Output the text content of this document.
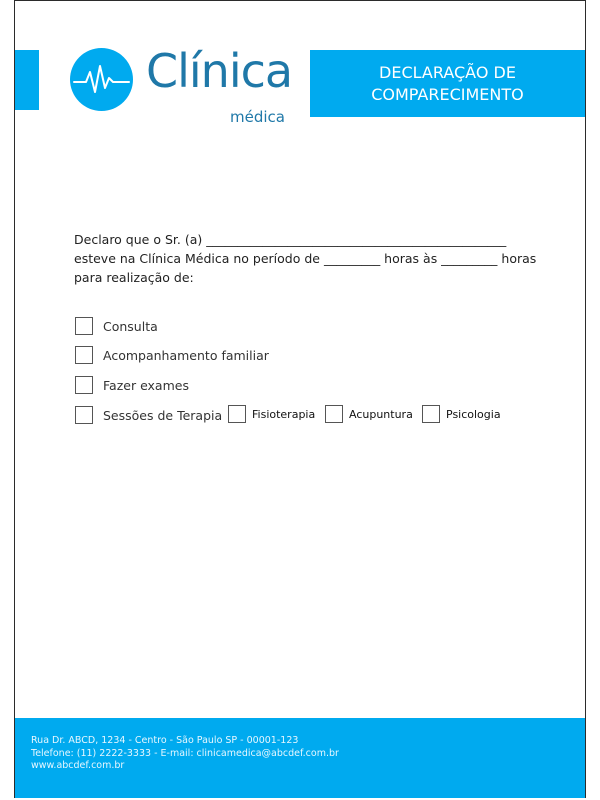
Clínica
médica
DECLARAÇÃO DE
COMPARECIMENTO
Declaro que o Sr. (a) ________________________________________________
esteve na Clínica Médica no período de _________ horas às _________ horas
para realização de:
Consulta
Acompanhamento familiar
Fazer exames
Sessões de Terapia	Fisioterapia	Acupuntura	Psicologia
Rua Dr. ABCD, 1234 - Centro - São Paulo SP - 00001-123
Telefone: (11) 2222-3333 - E-mail: clinicamedica@abcdef.com.br
www.abcdef.com.br
